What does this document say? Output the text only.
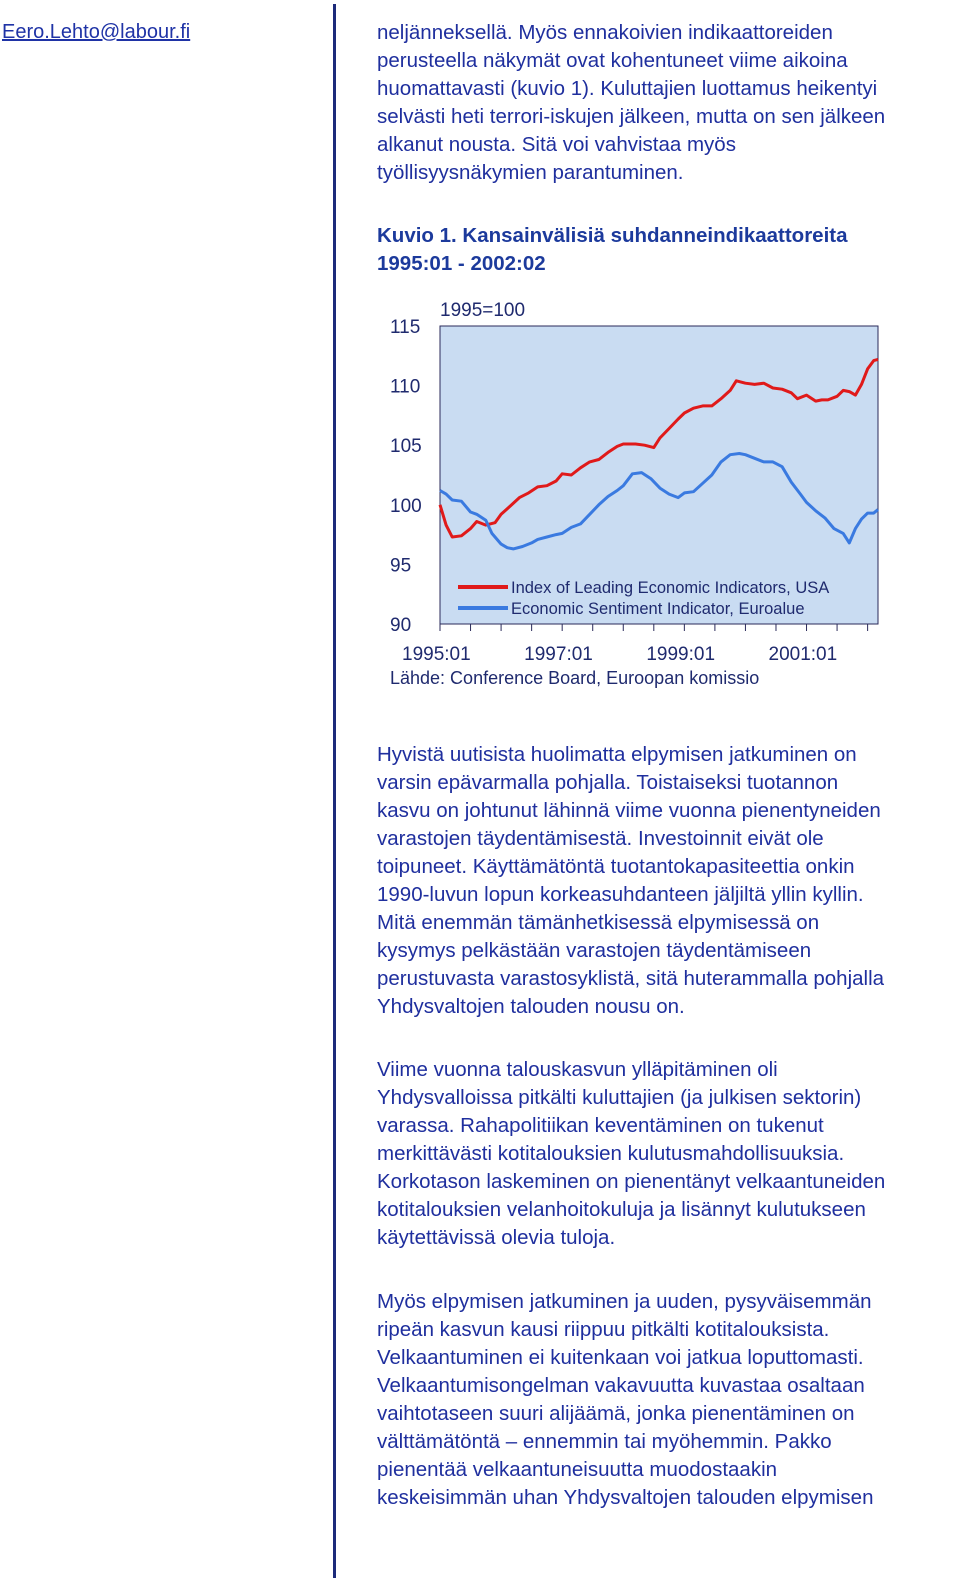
Eero.Lehto@labour.fi	neljänneksellä. Myös ennakoivien indikaattoreiden
perusteella näkymät ovat kohentuneet viime aikoina
huomattavasti (kuvio 1). Kuluttajien luottamus heikentyi
selvästi heti terrori-iskujen jälkeen, mutta on sen jälkeen
alkanut nousta. Sitä voi vahvistaa myös
työllisyysnäkymien parantuminen.

Kuvio 1. Kansainvälisiä suhdanneindikaattoreita

1995:01 - 2002:02

1995=100
115
110
105
100
95
90
1995:01	1997:01	1999:01	2001:01
Index of Leading Economic Indicators, USA
Economic Sentiment Indicator, Euroalue
Lähde: Conference Board, Euroopan komissio

Hyvistä uutisista huolimatta elpymisen jatkuminen on
varsin epävarmalla pohjalla. Toistaiseksi tuotannon
kasvu on johtunut lähinnä viime vuonna pienentyneiden
varastojen täydentämisestä. Investoinnit eivät ole
toipuneet. Käyttämätöntä tuotantokapasiteettia onkin
1990-luvun lopun korkeasuhdanteen jäljiltä yllin kyllin.
Mitä enemmän tämänhetkisessä elpymisessä on
kysymys pelkästään varastojen täydentämiseen
perustuvasta varastosyklistä, sitä huterammalla pohjalla
Yhdysvaltojen talouden nousu on.

Viime vuonna talouskasvun ylläpitäminen oli
Yhdysvalloissa pitkälti kuluttajien (ja julkisen sektorin)
varassa. Rahapolitiikan keventäminen on tukenut
merkittävästi kotitalouksien kulutusmahdollisuuksia.
Korkotason laskeminen on pienentänyt velkaantuneiden
kotitalouksien velanhoitokuluja ja lisännyt kulutukseen
käytettävissä olevia tuloja.

Myös elpymisen jatkuminen ja uuden, pysyväisemmän
ripeän kasvun kausi riippuu pitkälti kotitalouksista.
Velkaantuminen ei kuitenkaan voi jatkua loputtomasti.
Velkaantumisongelman vakavuutta kuvastaa osaltaan
vaihtotaseen suuri alijäämä, jonka pienentäminen on
välttämätöntä – ennemmin tai myöhemmin. Pakko
pienentää velkaantuneisuutta muodostaakin
keskeisimmän uhan Yhdysvaltojen talouden elpymisen
